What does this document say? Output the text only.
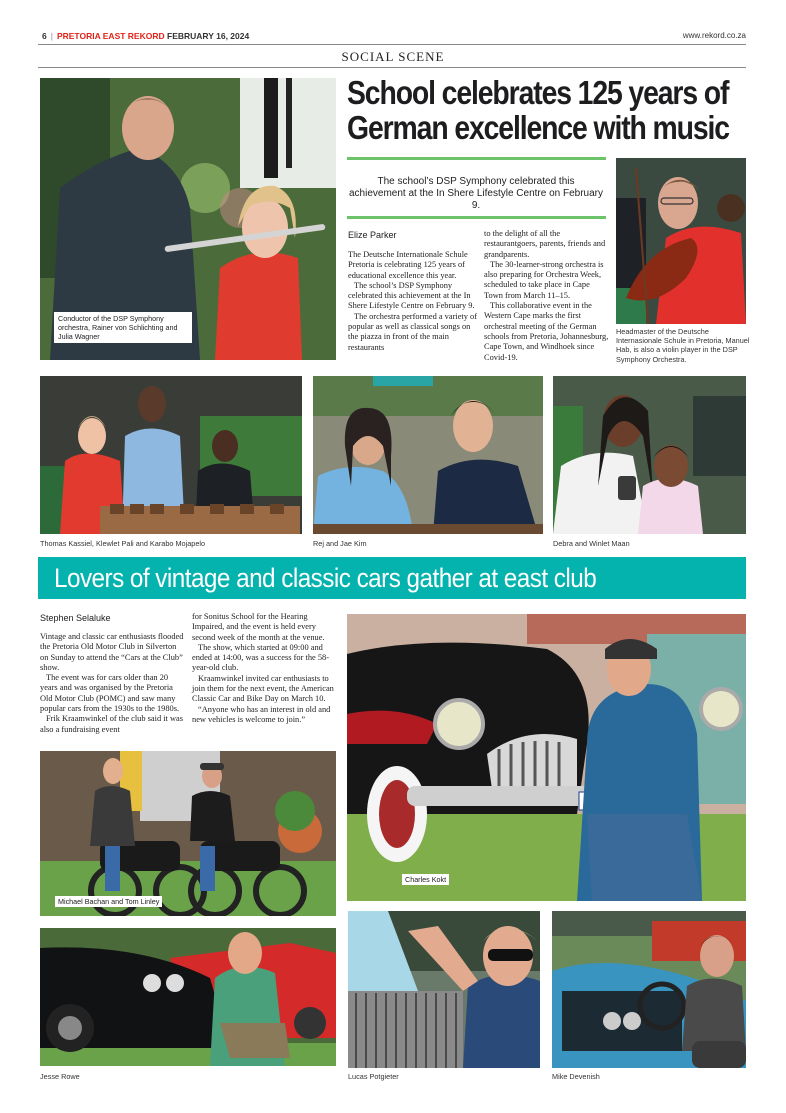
6 | PRETORIA EAST REKORD FEBRUARY 16, 2024	www.rekord.co.za
SOCIAL SCENE
Conductor of the DSP Symphony orchestra, Rainer von Schlichting and Julia Wagner
School celebrates 125 years of
German excellence with music
The school’s DSP Symphony celebrated this achievement at the In Shere Lifestyle Centre on February 9.
Elize Parker

The Deutsche Internationale Schule Pretoria is celebrating 125 years of educational excellence this year.

The school’s DSP Symphony celebrated this achievement at the In Shere Lifestyle Centre on February 9.

The orchestra performed a variety of popular as well as classical songs on the piazza in front of the main restaurants

to the delight of all the restaurantgoers, parents, friends and grandparents.

The 30-learner-strong orchestra is also preparing for Orchestra Week, scheduled to take place in Cape Town from March 11–15.

This collaborative event in the Western Cape marks the first orchestral meeting of the German schools from Pretoria, Johannesburg, Cape Town, and Windhoek since Covid-19.

Headmaster of the Deutsche Internasionale Schule in Pretoria, Manuel Hab, is also a violin player in the DSP Symphony Orchestra.
Thomas Kassiel, Klewlet Pali and Karabo Mojapelo	Rej and Jae Kim	Debra and Winlet Maan
Lovers of vintage and classic cars gather at east club
Stephen Selaluke

Vintage and classic car enthusiasts flooded the Pretoria Old Motor Club in Silverton on Sunday to attend the “Cars at the Club” show.

The event was for cars older than 20 years and was organised by the Pretoria Old Motor Club (POMC) and saw many popular cars from the 1930s to the 1980s.

Frik Kraamwinkel of the club said it was also a fundraising event

for Sonitus School for the Hearing Impaired, and the event is held every second week of the month at the venue.

The show, which started at 09:00 and ended at 14:00, was a success for the 58-year-old club.

Kraamwinkel invited car enthusiasts to join them for the next event, the American Classic Car and Bike Day on March 10.

“Anyone who has an interest in old and new vehicles is welcome to join.”

Charles Kokt
Michael Bachan and Tom Linley
Jesse Rowe	Lucas Potgieter	Mike Devenish
